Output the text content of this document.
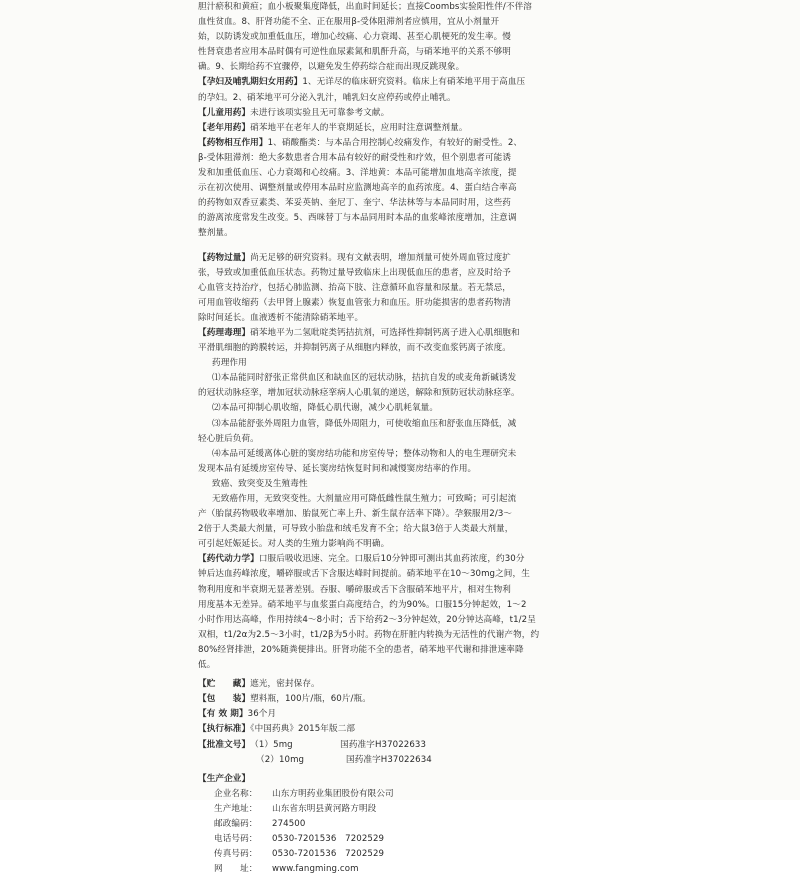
胆汁瘀积和黄疸；血小板聚集度降低，出血时间延长；直接Coombs实验阳性伴/不伴溶

血性贫血。8、肝肾功能不全、正在服用β-受体阻滞剂者应慎用，宜从小剂量开

始，以防诱发或加重低血压，增加心绞痛、心力衰竭、甚至心肌梗死的发生率。慢

性肾衰患者应用本品时偶有可逆性血尿素氮和肌酐升高，与硝苯地平的关系不够明

确。9、长期给药不宜骤停，以避免发生停药综合症而出现反跳现象。

【孕妇及哺乳期妇女用药】1、无详尽的临床研究资料。临床上有硝苯地平用于高血压

的孕妇。2、硝苯地平可分泌入乳汁，哺乳妇女应停药或停止哺乳。

【儿童用药】未进行该项实验且无可靠参考文献。

【老年用药】硝苯地平在老年人的半衰期延长，应用时注意调整剂量。

【药物相互作用】1、硝酸酯类：与本品合用控制心绞痛发作，有较好的耐受性。2、

β-受体阻滞剂：绝大多数患者合用本品有较好的耐受性和疗效，但个别患者可能诱

发和加重低血压、心力衰竭和心绞痛。3、洋地黄：本品可能增加血地高辛浓度，提

示在初次使用、调整剂量或停用本品时应监测地高辛的血药浓度。4、蛋白结合率高

的药物如双香豆素类、苯妥英钠、奎尼丁、奎宁、华法林等与本品同时用，这些药

的游离浓度常发生改变。5、西咪替丁与本品同用时本品的血浆峰浓度增加，注意调

整剂量。

【药物过量】尚无足够的研究资料。现有文献表明，增加剂量可使外周血管过度扩

张，导致或加重低血压状态。药物过量导致临床上出现低血压的患者，应及时给予

心血管支持治疗，包括心肺监测、抬高下肢、注意循环血容量和尿量。若无禁忌，

可用血管收缩药（去甲肾上腺素）恢复血管张力和血压。肝功能损害的患者药物清

除时间延长。血液透析不能清除硝苯地平。

【药理毒理】硝苯地平为二氢吡啶类钙拮抗剂，可选择性抑制钙离子进入心肌细胞和

平滑肌细胞的跨膜转运，并抑制钙离子从细胞内释放，而不改变血浆钙离子浓度。

药理作用

⑴本品能同时舒张正常供血区和缺血区的冠状动脉，拮抗自发的或麦角新碱诱发

的冠状动脉痉挛，增加冠状动脉痉挛病人心肌氧的递送，解除和预防冠状动脉痉挛。

⑵本品可抑制心肌收缩，降低心肌代谢，减少心肌耗氧量。

⑶本品能舒张外周阻力血管，降低外周阻力，可使收缩血压和舒张血压降低，减

轻心脏后负荷。

⑷本品可延缓离体心脏的窦房结功能和房室传导；整体动物和人的电生理研究未

发现本品有延缓房室传导、延长窦房结恢复时间和减慢窦房结率的作用。

致癌、致突变及生殖毒性

无致癌作用，无致突变性。大剂量应用可降低雌性鼠生殖力；可致畸；可引起流

产（胎鼠药物吸收率增加、胎鼠死亡率上升、新生鼠存活率下降）。孕猴服用2/3～

2倍于人类最大剂量，可导致小胎盘和绒毛发育不全；给大鼠3倍于人类最大剂量，

可引起妊娠延长。对人类的生殖力影响尚不明确。

【药代动力学】口服后吸收迅速、完全。口服后10分钟即可测出其血药浓度，约30分

钟后达血药峰浓度，嚼碎服或舌下含服达峰时间提前。硝苯地平在10～30mg之间，生

物利用度和半衰期无显著差别。吞服、嚼碎服或舌下含服硝苯地平片，相对生物利

用度基本无差异。硝苯地平与血浆蛋白高度结合，约为90%。口服15分钟起效，1～2

小时作用达高峰，作用持续4～8小时；舌下给药2～3分钟起效，20分钟达高峰，t1/2呈

双相，t1/2α为2.5～3小时，t1/2β为5小时。药物在肝脏内转换为无活性的代谢产物，约

80%经肾排泄，20%随粪便排出。肝肾功能不全的患者，硝苯地平代谢和排泄速率降

低。

【贮　　藏】遮光，密封保存。

【包　　装】塑料瓶，100片/瓶，60片/瓶。

【有 效 期】36个月

【执行标准】《中国药典》2015年版二部

【批准文号】（1）5mg	国药准字H37022633

（2）10mg	国药准字H37022634

【生产企业】

企业名称：	山东方明药业集团股份有限公司

生产地址：	山东省东明县黄河路方明段

邮政编码：	274500

电话号码：	0530-7201536　7202529

传真号码：	0530-7201536　7202529

网　　址：	www.fangming.com
